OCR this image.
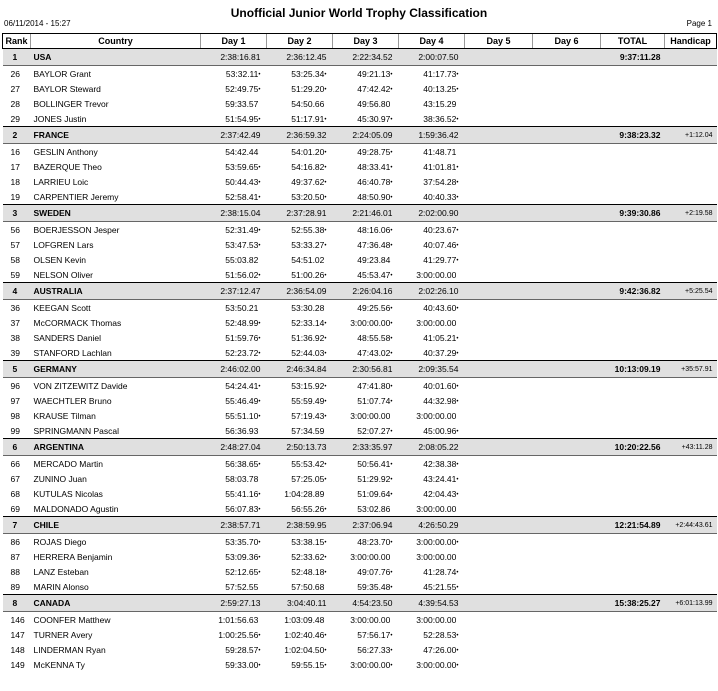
Unofficial Junior World Trophy Classification
06/11/2014 - 15:27	Page 1
Rank	Country	Day 1	Day 2	Day 3	Day 4	Day 5	Day 6	TOTAL	Handicap
1	USA	2:38:16.81	2:36:12.45	2:22:34.52	2:00:07.50			9:37:11.28	
26	BAYLOR Grant	53:32.11•	53:25.34•	49:21.13•	41:17.73•				
27	BAYLOR Steward	52:49.75•	51:29.20•	47:42.42•	40:13.25•				
28	BOLLINGER Trevor	59:33.57	54:50.66	49:56.80	43:15.29				
29	JONES Justin	51:54.95•	51:17.91•	45:30.97•	38:36.52•				
2	FRANCE	2:37:42.49	2:36:59.32	2:24:05.09	1:59:36.42			9:38:23.32	+1:12.04
16	GESLIN Anthony	54:42.44	54:01.20•	49:28.75•	41:48.71				
17	BAZERQUE Theo	53:59.65•	54:16.82•	48:33.41•	41:01.81•				
18	LARRIEU Loic	50:44.43•	49:37.62•	46:40.78•	37:54.28•				
19	CARPENTIER Jeremy	52:58.41•	53:20.50•	48:50.90•	40:40.33•				
3	SWEDEN	2:38:15.04	2:37:28.91	2:21:46.01	2:02:00.90			9:39:30.86	+2:19.58
56	BOERJESSON Jesper	52:31.49•	52:55.38•	48:16.06•	40:23.67•				
57	LOFGREN Lars	53:47.53•	53:33.27•	47:36.48•	40:07.46•				
58	OLSEN Kevin	55:03.82	54:51.02	49:23.84	41:29.77•				
59	NELSON Oliver	51:56.02•	51:00.26•	45:53.47•	3:00:00.00				
4	AUSTRALIA	2:37:12.47	2:36:54.09	2:26:04.16	2:02:26.10			9:42:36.82	+5:25.54
36	KEEGAN Scott	53:50.21	53:30.28	49:25.56•	40:43.60•				
37	McCORMACK Thomas	52:48.99•	52:33.14•	3:00:00.00•	3:00:00.00				
38	SANDERS Daniel	51:59.76•	51:36.92•	48:55.58•	41:05.21•				
39	STANFORD Lachlan	52:23.72•	52:44.03•	47:43.02•	40:37.29•				
5	GERMANY	2:46:02.00	2:46:34.84	2:30:56.81	2:09:35.54			10:13:09.19	+35:57.91
96	VON ZITZEWITZ Davide	54:24.41•	53:15.92•	47:41.80•	40:01.60•				
97	WAECHTLER Bruno	55:46.49•	55:59.49•	51:07.74•	44:32.98•				
98	KRAUSE Tilman	55:51.10•	57:19.43•	3:00:00.00	3:00:00.00				
99	SPRINGMANN Pascal	56:36.93	57:34.59	52:07.27•	45:00.96•				
6	ARGENTINA	2:48:27.04	2:50:13.73	2:33:35.97	2:08:05.22			10:20:22.56	+43:11.28
66	MERCADO Martin	56:38.65•	55:53.42•	50:56.41•	42:38.38•				
67	ZUNINO Juan	58:03.78	57:25.05•	51:29.92•	43:24.41•				
68	KUTULAS Nicolas	55:41.16•	1:04:28.89	51:09.64•	42:04.43•				
69	MALDONADO Agustin	56:07.83•	56:55.26•	53:02.86	3:00:00.00				
7	CHILE	2:38:57.71	2:38:59.95	2:37:06.94	4:26:50.29			12:21:54.89	+2:44:43.61
86	ROJAS Diego	53:35.70•	53:38.15•	48:23.70•	3:00:00.00•				
87	HERRERA Benjamin	53:09.36•	52:33.62•	3:00:00.00	3:00:00.00				
88	LANZ Esteban	52:12.65•	52:48.18•	49:07.76•	41:28.74•				
89	MARIN Alonso	57:52.55	57:50.68	59:35.48•	45:21.55•				
8	CANADA	2:59:27.13	3:04:40.11	4:54:23.50	4:39:54.53			15:38:25.27	+6:01:13.99
146	COONFER Matthew	1:01:56.63	1:03:09.48	3:00:00.00	3:00:00.00				
147	TURNER Avery	1:00:25.56•	1:02:40.46•	57:56.17•	52:28.53•				
148	LINDERMAN Ryan	59:28.57•	1:02:04.50•	56:27.33•	47:26.00•				
149	McKENNA Ty	59:33.00•	59:55.15•	3:00:00.00•	3:00:00.00•				
